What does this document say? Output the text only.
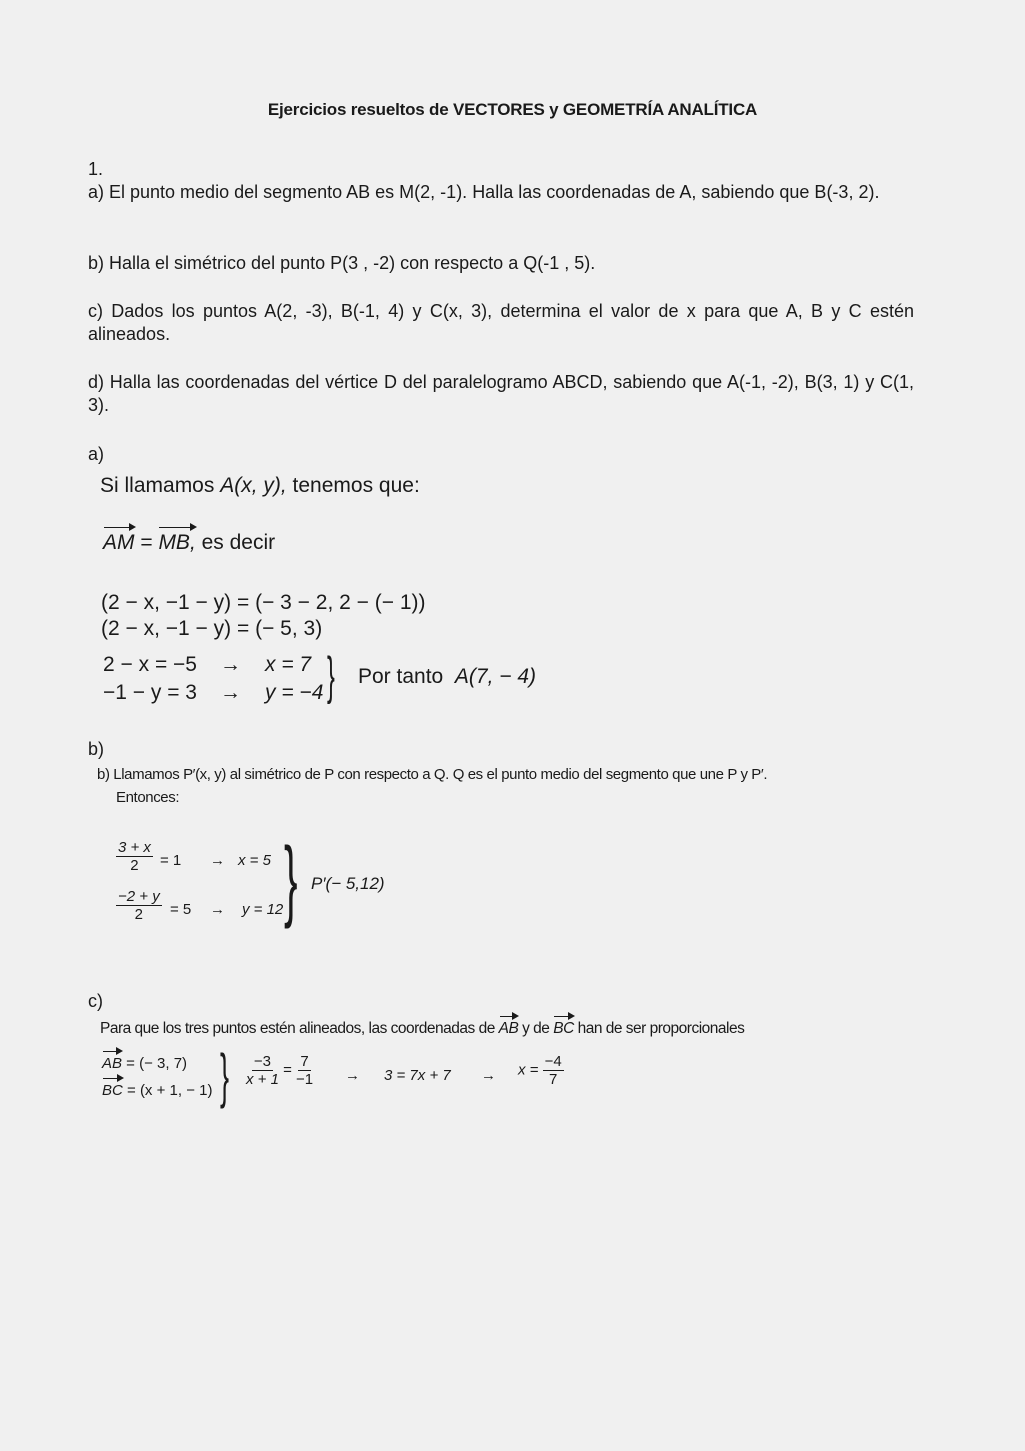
Ejercicios resueltos de VECTORES y GEOMETRÍA ANALÍTICA
1.
a) El punto medio del segmento AB es M(2, -1). Halla las coordenadas de A, sabiendo que B(-3, 2).
b) Halla el simétrico del punto P(3 , -2) con respecto a Q(-1 , 5).
c) Dados los puntos A(2, -3), B(-1, 4) y C(x, 3), determina el valor de x para que A, B y C estén alineados.
d) Halla las coordenadas del vértice D del paralelogramo ABCD, sabiendo que A(-1, -2), B(3, 1) y C(1, 3).
a)
Si llamamos A(x, y), tenemos que:
AM = MB, es decir
(2 − x, −1 − y) = (− 3 − 2, 2 − (− 1))
(2 − x, −1 − y) = (− 5, 3)
2 − x = −5 → x = 7
−1 − y = 3 → y = −4 } Por tanto A(7, − 4)
b)
b) Llamamos P′(x, y) al simétrico de P con respecto a Q. Q es el punto medio del segmento que une P y P′.
Entonces:
$\frac{3 + x}{2} = 1 \to x = 5$
$\frac{-2 + y}{2} = 5 \to y = 12$ } P′(− 5,12)
c)
Para que los tres puntos estén alineados, las coordenadas de AB y de BC han de ser proporcionales
AB = (− 3, 7)
BC = (x + 1, − 1) } $\frac{-3}{x + 1} = \frac{7}{-1} \to 3 = 7x + 7 \to x = \frac{-4}{7}$
